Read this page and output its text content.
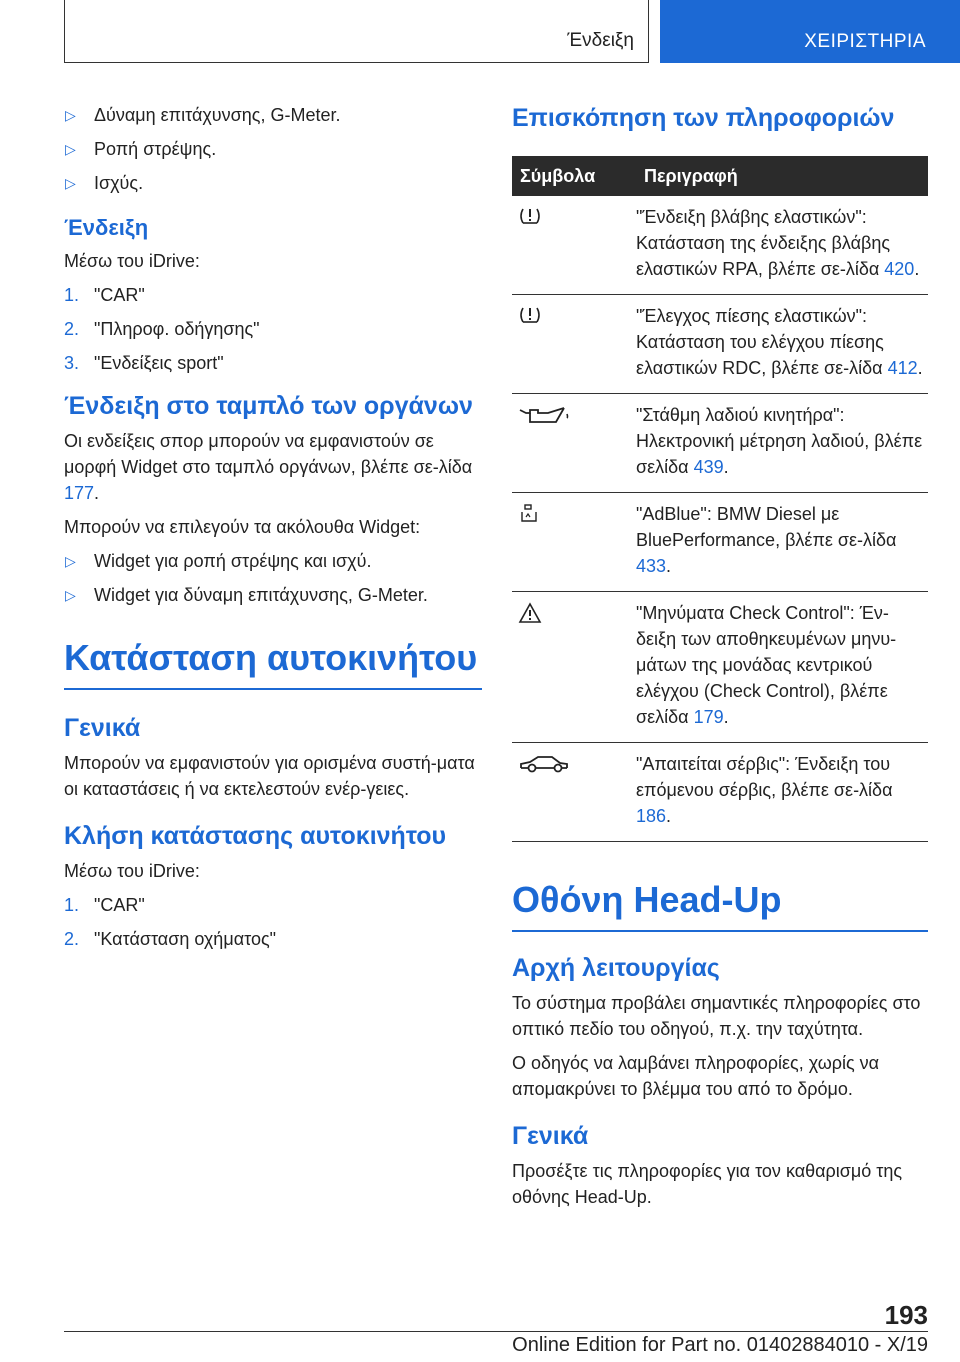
Ένδειξη	ΧΕΙΡΙΣΤΗΡΙΑ
▷ Δύναμη επιτάχυνσης, G-Meter.
▷ Ροπή στρέψης.
▷ Ισχύς.
Ένδειξη

Μέσω του iDrive:

1. "CAR"
2. "Πληροφ. οδήγησης"
3. "Ενδείξεις sport"
Ένδειξη στο ταμπλό των οργάνων

Οι ενδείξεις σπορ μπορούν να εμφανιστούν σε μορφή Widget στο ταμπλό οργάνων, βλέπε σε-λίδα 177.

Μπορούν να επιλεγούν τα ακόλουθα Widget:

▷ Widget για ροπή στρέψης και ισχύ.
▷ Widget για δύναμη επιτάχυνσης, G-Meter.
Κατάσταση αυτοκινήτου
Γενικά

Μπορούν να εμφανιστούν για ορισμένα συστή-ματα οι καταστάσεις ή να εκτελεστούν ενέρ-γειες.

Κλήση κατάστασης αυτοκινήτου

Μέσω του iDrive:

1. "CAR"
2. "Κατάσταση οχήματος"
Επισκόπηση των πληροφοριών
Σύμβολα	Περιγραφή

	"Ένδειξη βλάβης ελαστικών": Κατάσταση της ένδειξης βλάβης ελαστικών RPA, βλέπε σε-λίδα 420.

	"Έλεγχος πίεσης ελαστικών": Κατάσταση του ελέγχου πίεσης ελαστικών RDC, βλέπε σε-λίδα 412.

	"Στάθμη λαδιού κινητήρα": Ηλεκτρονική μέτρηση λαδιού, βλέπε σελίδα 439.

	"AdBlue": BMW Diesel με BluePerformance, βλέπε σε-λίδα 433.

	"Μηνύματα Check Control": Έν-δειξη των αποθηκευμένων μηνυ-μάτων της μονάδας κεντρικού ελέγχου (Check Control), βλέπε σελίδα 179.

	"Απαιτείται σέρβις": Ένδειξη του επόμενου σέρβις, βλέπε σε-λίδα 186.
Οθόνη Head-Up
Αρχή λειτουργίας

Το σύστημα προβάλει σημαντικές πληροφορίες στο οπτικό πεδίο του οδηγού, π.χ. την ταχύτητα.

Ο οδηγός να λαμβάνει πληροφορίες, χωρίς να απομακρύνει το βλέμμα του από το δρόμο.

Γενικά

Προσέξτε τις πληροφορίες για τον καθαρισμό της οθόνης Head-Up.

193
Online Edition for Part no. 01402884010 - X/19
